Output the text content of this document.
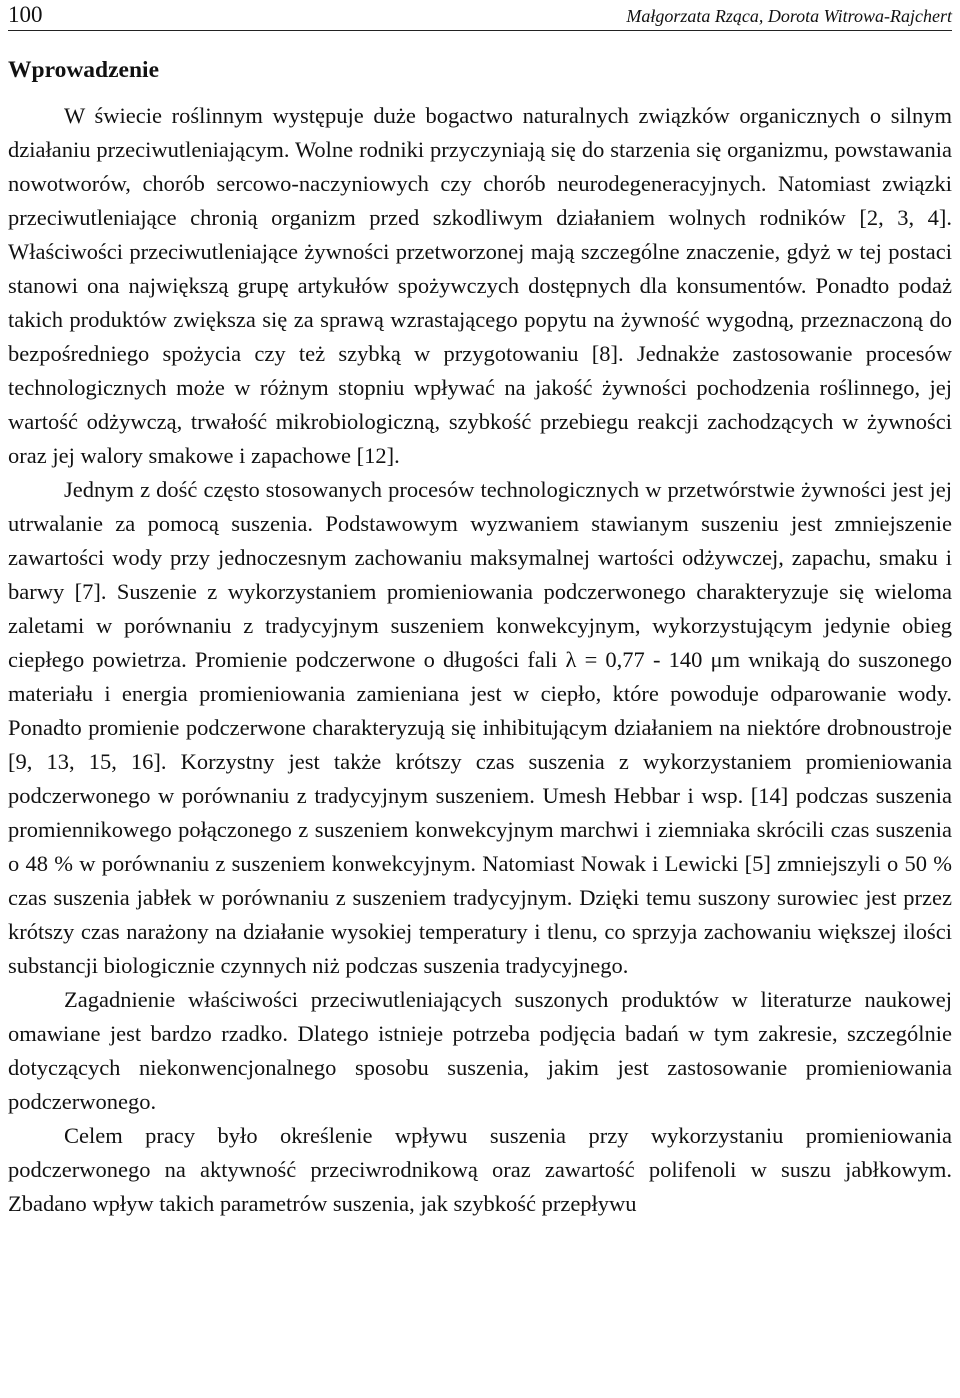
100	Małgorzata Rząca, Dorota Witrowa-Rajchert
Wprowadzenie

W świecie roślinnym występuje duże bogactwo naturalnych związków organicznych o silnym działaniu przeciwutleniającym. Wolne rodniki przyczyniają się do starzenia się organizmu, powstawania nowotworów, chorób sercowo-naczyniowych czy chorób neurodegeneracyjnych. Natomiast związki przeciwutleniające chronią organizm przed szkodliwym działaniem wolnych rodników [2, 3, 4]. Właściwości przeciwutleniające żywności przetworzonej mają szczególne znaczenie, gdyż w tej postaci stanowi ona największą grupę artykułów spożywczych dostępnych dla konsumentów. Ponadto podaż takich produktów zwiększa się za sprawą wzrastającego popytu na żywność wygodną, przeznaczoną do bezpośredniego spożycia czy też szybką w przygotowaniu [8]. Jednakże zastosowanie procesów technologicznych może w różnym stopniu wpływać na jakość żywności pochodzenia roślinnego, jej wartość odżywczą, trwałość mikrobiologiczną, szybkość przebiegu reakcji zachodzących w żywności oraz jej walory smakowe i zapachowe [12].

Jednym z dość często stosowanych procesów technologicznych w przetwórstwie żywności jest jej utrwalanie za pomocą suszenia. Podstawowym wyzwaniem stawianym suszeniu jest zmniejszenie zawartości wody przy jednoczesnym zachowaniu maksymalnej wartości odżywczej, zapachu, smaku i barwy [7]. Suszenie z wykorzystaniem promieniowania podczerwonego charakteryzuje się wieloma zaletami w porównaniu z tradycyjnym suszeniem konwekcyjnym, wykorzystującym jedynie obieg ciepłego powietrza. Promienie podczerwone o długości fali λ = 0,77 - 140 μm wnikają do suszonego materiału i energia promieniowania zamieniana jest w ciepło, które powoduje odparowanie wody. Ponadto promienie podczerwone charakteryzują się inhibitującym działaniem na niektóre drobnoustroje [9, 13, 15, 16]. Korzystny jest także krótszy czas suszenia z wykorzystaniem promieniowania podczerwonego w porównaniu z tradycyjnym suszeniem. Umesh Hebbar i wsp. [14] podczas suszenia promiennikowego połączonego z suszeniem konwekcyjnym marchwi i ziemniaka skrócili czas suszenia o 48 % w porównaniu z suszeniem konwekcyjnym. Natomiast Nowak i Lewicki [5] zmniejszyli o 50 % czas suszenia jabłek w porównaniu z suszeniem tradycyjnym. Dzięki temu suszony surowiec jest przez krótszy czas narażony na działanie wysokiej temperatury i tlenu, co sprzyja zachowaniu większej ilości substancji biologicznie czynnych niż podczas suszenia tradycyjnego.

Zagadnienie właściwości przeciwutleniających suszonych produktów w literaturze naukowej omawiane jest bardzo rzadko. Dlatego istnieje potrzeba podjęcia badań w tym zakresie, szczególnie dotyczących niekonwencjonalnego sposobu suszenia, jakim jest zastosowanie promieniowania podczerwonego.

Celem pracy było określenie wpływu suszenia przy wykorzystaniu promieniowania podczerwonego na aktywność przeciwrodnikową oraz zawartość polifenoli w suszu jabłkowym. Zbadano wpływ takich parametrów suszenia, jak szybkość przepływu
